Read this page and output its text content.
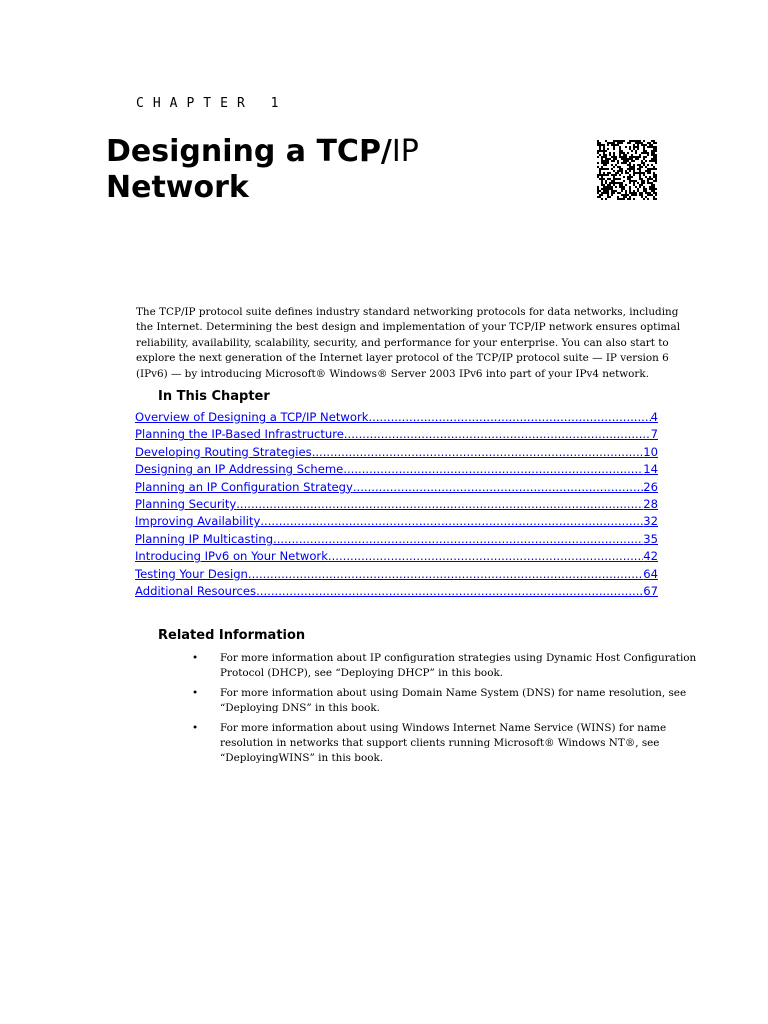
CHAPTER 1
Designing a TCP/IP
Network

The TCP/IP protocol suite defines industry standard networking protocols for data networks, including the Internet. Determining the best design and implementation of your TCP/IP network ensures optimal reliability, availability, scalability, security, and performance for your enterprise. You can also start to explore the next generation of the Internet layer protocol of the TCP/IP protocol suite — IP version 6 (IPv6) — by introducing Microsoft® Windows® Server 2003 IPv6 into part of your IPv4 network.

In This Chapter
Overview of Designing a TCP/IP Network .....	4
Planning the IP-Based Infrastructure .....	7
Developing Routing Strategies .....	10
Designing an IP Addressing Scheme .....	14
Planning an IP Configuration Strategy .....	26
Planning Security .....	28
Improving Availability .....	32
Planning IP Multicasting .....	35
Introducing IPv6 on Your Network .....	42
Testing Your Design .....	64
Additional Resources .....	67
Related Information
•	For more information about IP configuration strategies using Dynamic Host Configuration Protocol (DHCP), see “Deploying DHCP” in this book.
•	For more information about using Domain Name System (DNS) for name resolution, see “Deploying DNS” in this book.
•	For more information about using Windows Internet Name Service (WINS) for name resolution in networks that support clients running Microsoft® Windows NT®, see “DeployingWINS” in this book.
